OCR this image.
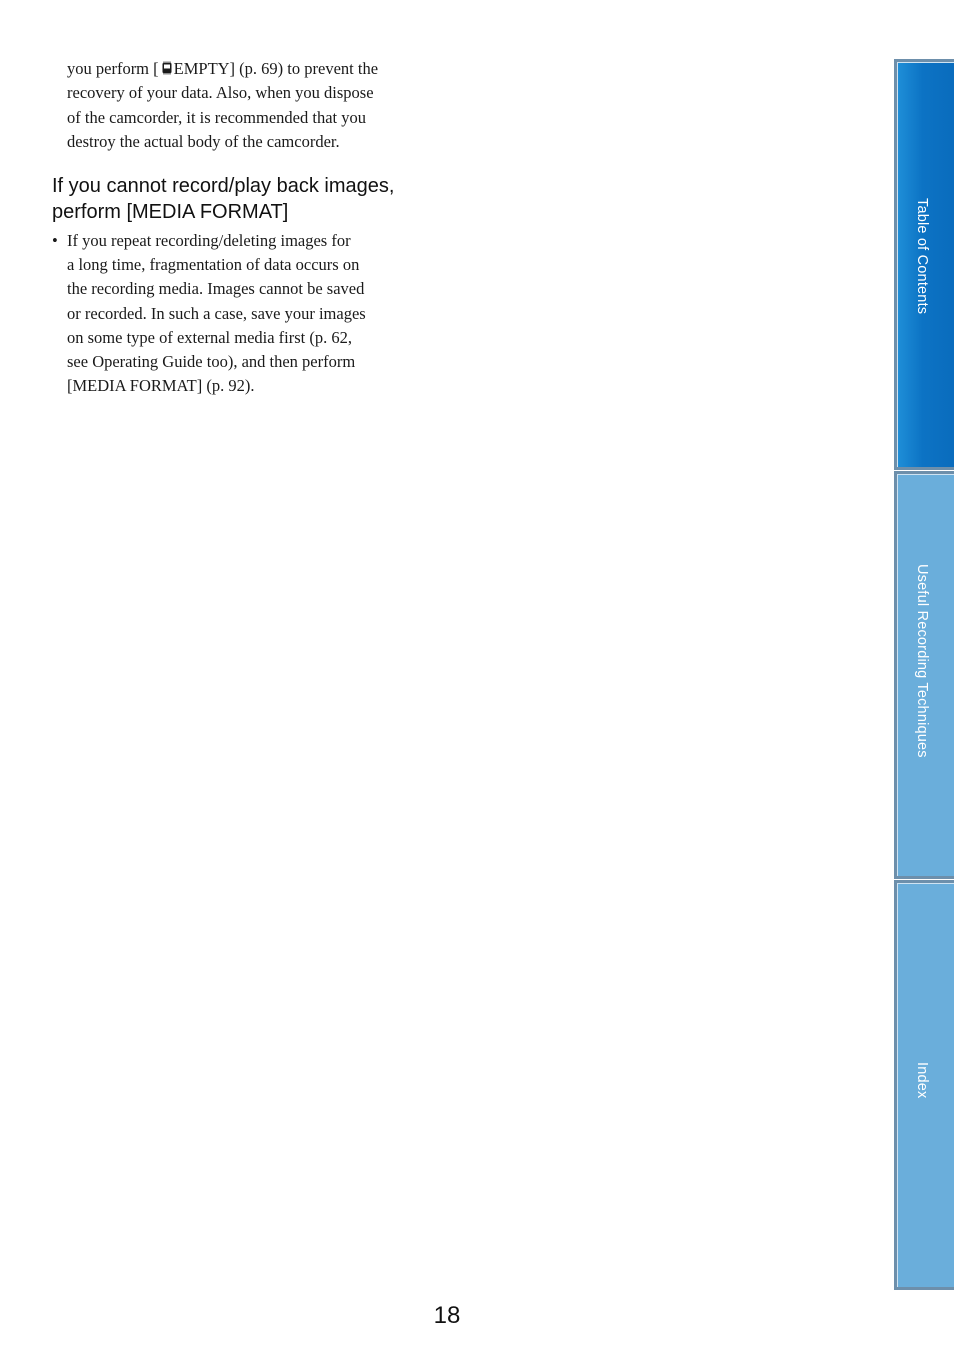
you perform [ EMPTY] (p. 69) to prevent the
recovery of your data. Also, when you dispose
of the camcorder, it is recommended that you
destroy the actual body of the camcorder.

If you cannot record/play back images,
perform [MEDIA FORMAT]
• If you repeat recording/deleting images for
a long time, fragmentation of data occurs on
the recording media. Images cannot be saved
or recorded. In such a case, save your images
on some type of external media first (p. 62,
see Operating Guide too), and then perform
[MEDIA FORMAT] (p. 92).
Table of Contents
Useful Recording Techniques
Index
18
